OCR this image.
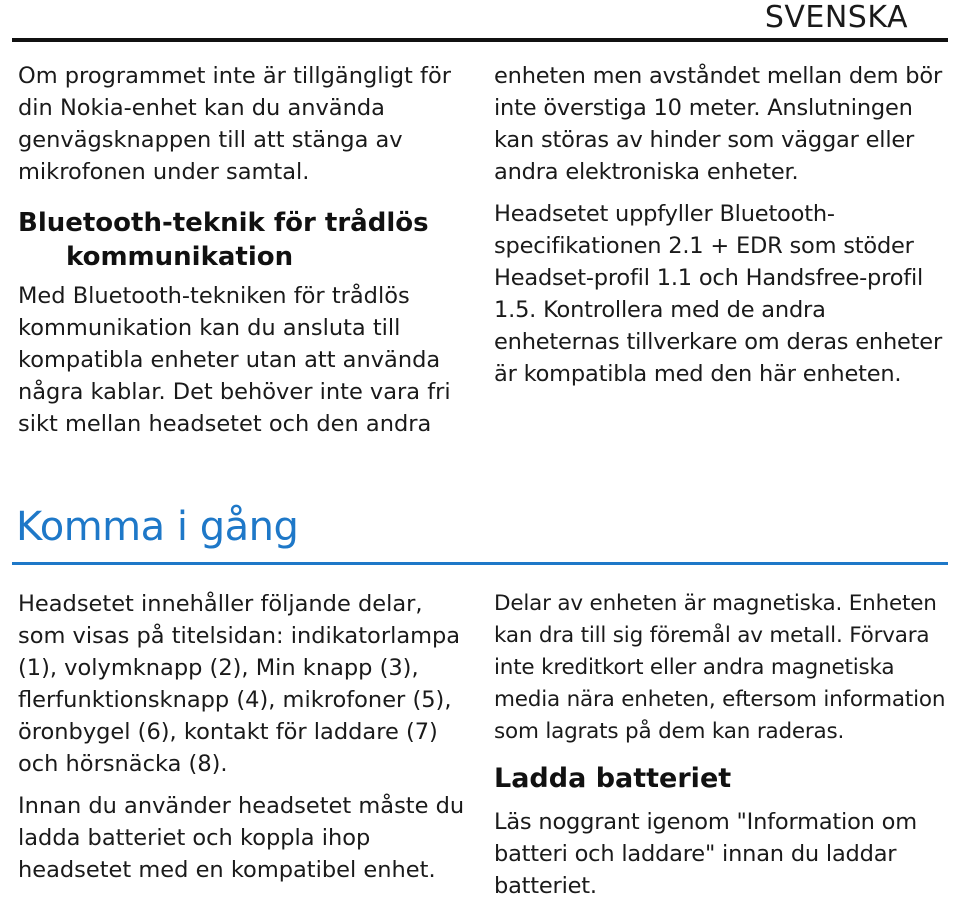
SVENSKA

Om programmet inte är tillgängligt för din Nokia-enhet kan du använda genvägsknappen till att stänga av mikrofonen under samtal.

Bluetooth-teknik för trådlös
kommunikation

Med Bluetooth-tekniken för trådlös kommunikation kan du ansluta till kompatibla enheter utan att använda några kablar. Det behöver inte vara fri sikt mellan headsetet och den andra

enheten men avståndet mellan dem bör inte överstiga 10 meter. Anslutningen kan störas av hinder som väggar eller andra elektroniska enheter.

Headsetet uppfyller Bluetooth-specifikationen 2.1 + EDR som stöder Headset-profil 1.1 och Handsfree-profil 1.5. Kontrollera med de andra enheternas tillverkare om deras enheter är kompatibla med den här enheten.

Komma i gång

Headsetet innehåller följande delar, som visas på titelsidan: indikatorlampa (1), volymknapp (2), Min knapp (3), flerfunktionsknapp (4), mikrofoner (5), öronbygel (6), kontakt för laddare (7) och hörsnäcka (8).

Innan du använder headsetet måste du ladda batteriet och koppla ihop headsetet med en kompatibel enhet.

Delar av enheten är magnetiska. Enheten kan dra till sig föremål av metall. Förvara inte kreditkort eller andra magnetiska media nära enheten, eftersom information som lagrats på dem kan raderas.

Ladda batteriet

Läs noggrant igenom "Information om batteri och laddare" innan du laddar batteriet.
